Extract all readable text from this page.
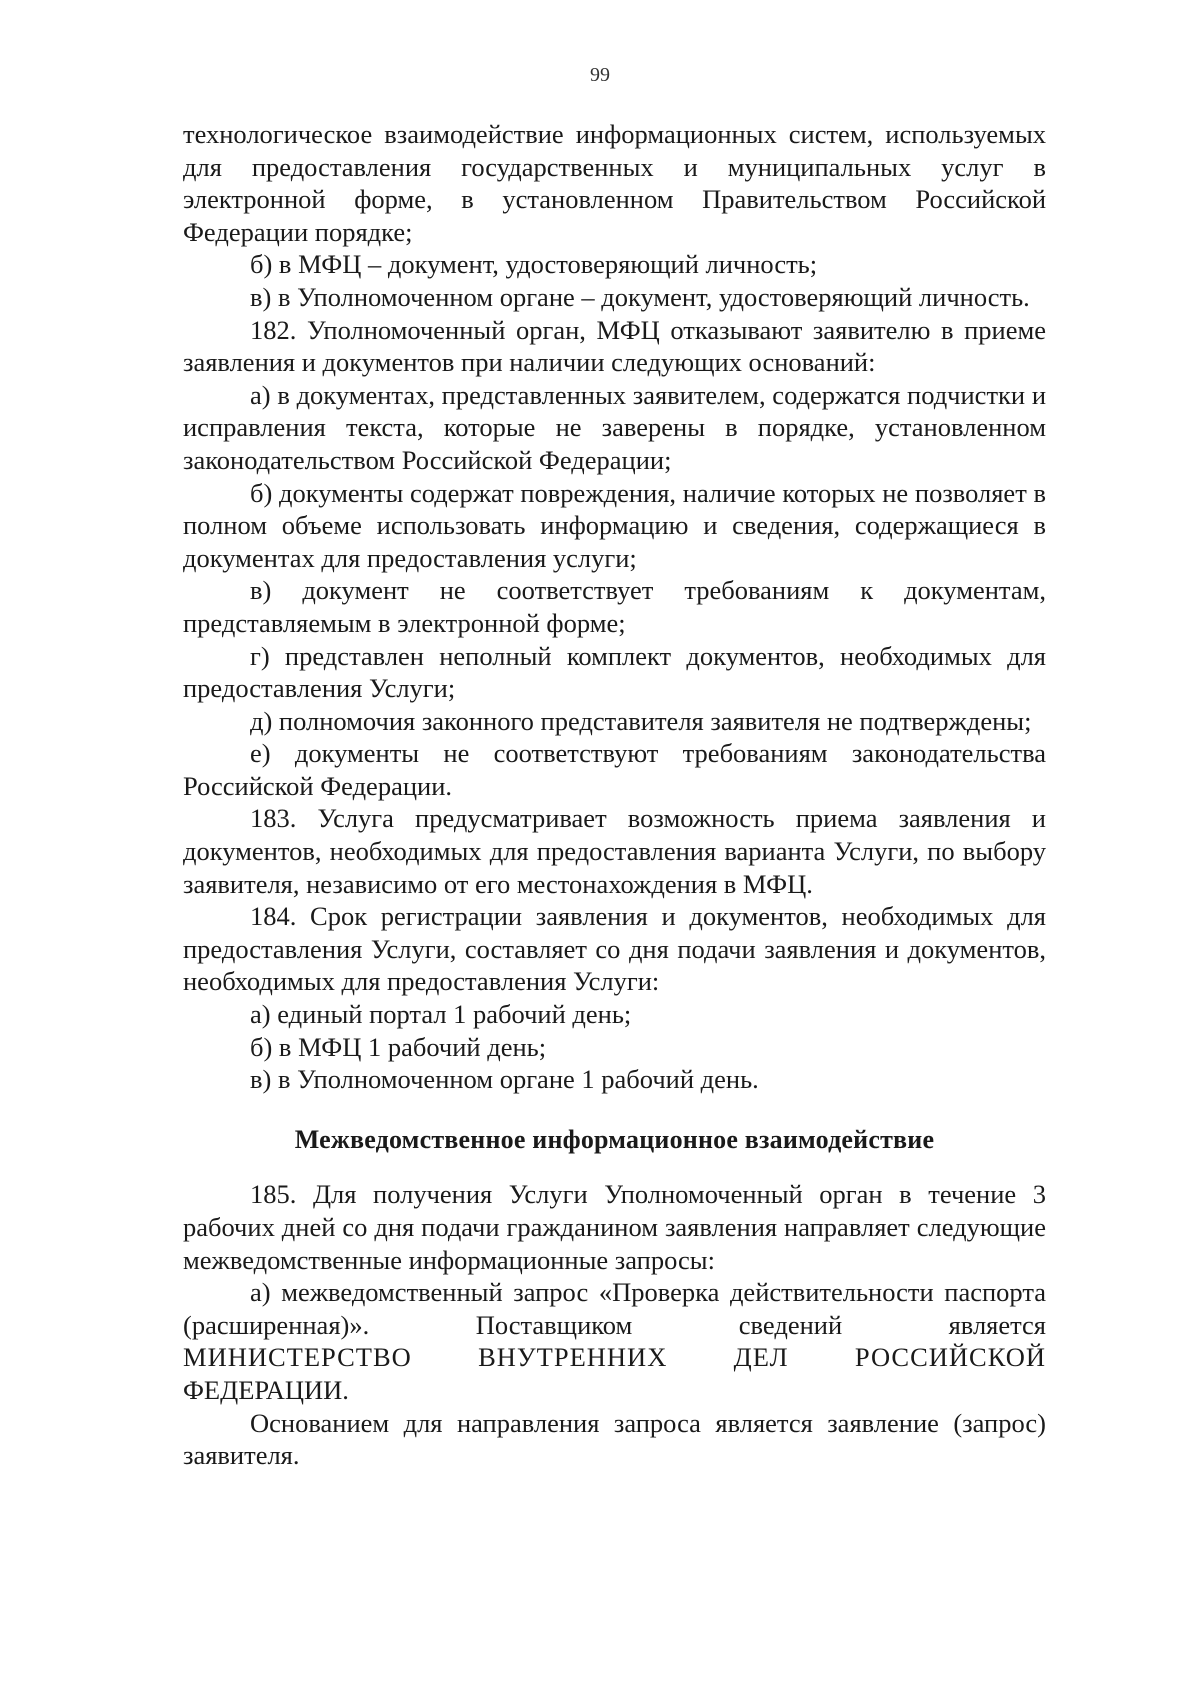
99

технологическое взаимодействие информационных систем, используемых для предоставления государственных и муниципальных услуг в электронной форме, в установленном Правительством Российской Федерации порядке;

б) в МФЦ – документ, удостоверяющий личность;

в) в Уполномоченном органе – документ, удостоверяющий личность.

182. Уполномоченный орган, МФЦ отказывают заявителю в приеме заявления и документов при наличии следующих оснований:

а) в документах, представленных заявителем, содержатся подчистки и исправления текста, которые не заверены в порядке, установленном законодательством Российской Федерации;

б) документы содержат повреждения, наличие которых не позволяет в полном объеме использовать информацию и сведения, содержащиеся в документах для предоставления услуги;

в) документ не соответствует требованиям к документам, представляемым в электронной форме;

г) представлен неполный комплект документов, необходимых для предоставления Услуги;

д) полномочия законного представителя заявителя не подтверждены;

е) документы не соответствуют требованиям законодательства Российской Федерации.

183. Услуга предусматривает возможность приема заявления и документов, необходимых для предоставления варианта Услуги, по выбору заявителя, независимо от его местонахождения в МФЦ.

184. Срок регистрации заявления и документов, необходимых для предоставления Услуги, составляет со дня подачи заявления и документов, необходимых для предоставления Услуги:

а) единый портал 1 рабочий день;

б) в МФЦ 1 рабочий день;

в) в Уполномоченном органе 1 рабочий день.

Межведомственное информационное взаимодействие

185. Для получения Услуги Уполномоченный орган в течение 3 рабочих дней со дня подачи гражданином заявления направляет следующие межведомственные информационные запросы:

а) межведомственный запрос «Проверка действительности паспорта (расширенная)». Поставщиком сведений является

МИНИСТЕРСТВО ВНУТРЕННИХ ДЕЛ РОССИЙСКОЙ
ФЕДЕРАЦИИ.

Основанием для направления запроса является заявление (запрос) заявителя.
